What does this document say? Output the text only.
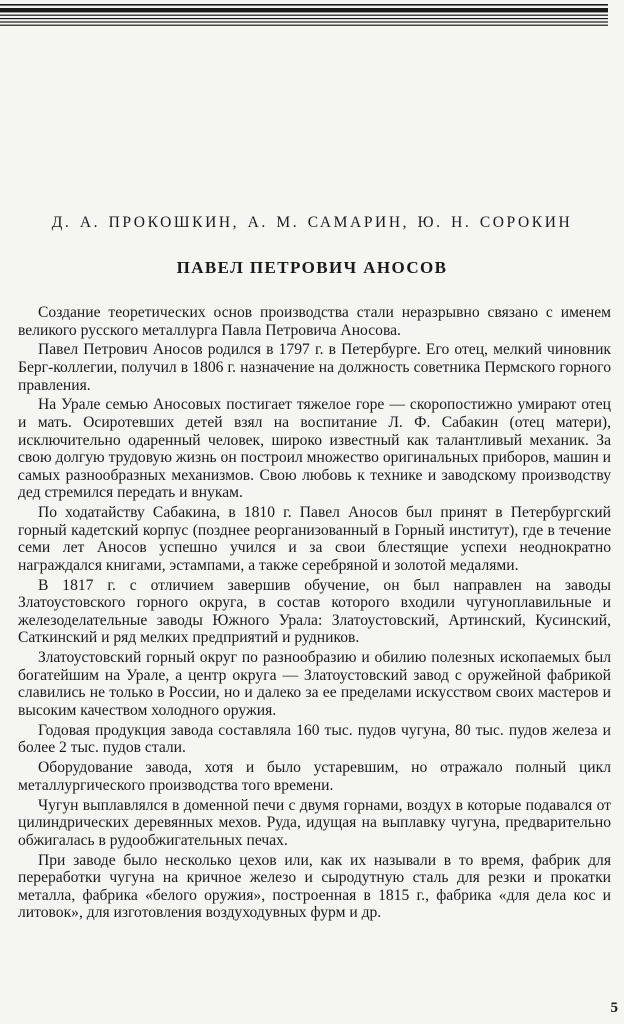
Д. А. ПРОКОШКИН, А. М. САМАРИН, Ю. Н. СОРОКИН
ПАВЕЛ ПЕТРОВИЧ АНОСОВ

Создание теоретических основ производства стали неразрывно связано с именем великого русского металлурга Павла Петровича Аносова.

Павел Петрович Аносов родился в 1797 г. в Петербурге. Его отец, мелкий чиновник Берг-коллегии, получил в 1806 г. назначение на должность советника Пермского горного правления.

На Урале семью Аносовых постигает тяжелое горе — скоропостижно умирают отец и мать. Осиротевших детей взял на воспитание Л. Ф. Сабакин (отец матери), исключительно одаренный человек, широко известный как талантливый механик. За свою долгую трудовую жизнь он построил множество оригинальных приборов, машин и самых разнообразных механизмов. Свою любовь к технике и заводскому производству дед стремился передать и внукам.

По ходатайству Сабакина, в 1810 г. Павел Аносов был принят в Петербургский горный кадетский корпус (позднее реорганизованный в Горный институт), где в течение семи лет Аносов успешно учился и за свои блестящие успехи неоднократно награждался книгами, эстампами, а также серебряной и золотой медалями.

В 1817 г. с отличием завершив обучение, он был направлен на заводы Златоустовского горного округа, в состав которого входили чугуноплавильные и железоделательные заводы Южного Урала: Златоустовский, Артинский, Кусинский, Саткинский и ряд мелких предприятий и рудников.

Златоустовский горный округ по разнообразию и обилию полезных ископаемых был богатейшим на Урале, а центр округа — Златоустовский завод с оружейной фабрикой славились не только в России, но и далеко за ее пределами искусством своих мастеров и высоким качеством холодного оружия.

Годовая продукция завода составляла 160 тыс. пудов чугуна, 80 тыс. пудов железа и более 2 тыс. пудов стали.

Оборудование завода, хотя и было устаревшим, но отражало полный цикл металлургического производства того времени.

Чугун выплавлялся в доменной печи с двумя горнами, воздух в которые подавался от цилиндрических деревянных мехов. Руда, идущая на выплавку чугуна, предварительно обжигалась в рудообжигательных печах.

При заводе было несколько цехов или, как их называли в то время, фабрик для переработки чугуна на кричное железо и сыродутную сталь для резки и прокатки металла, фабрика «белого оружия», построенная в 1815 г., фабрика «для дела кос и литовок», для изготовления воздуходувных фурм и др.

5
